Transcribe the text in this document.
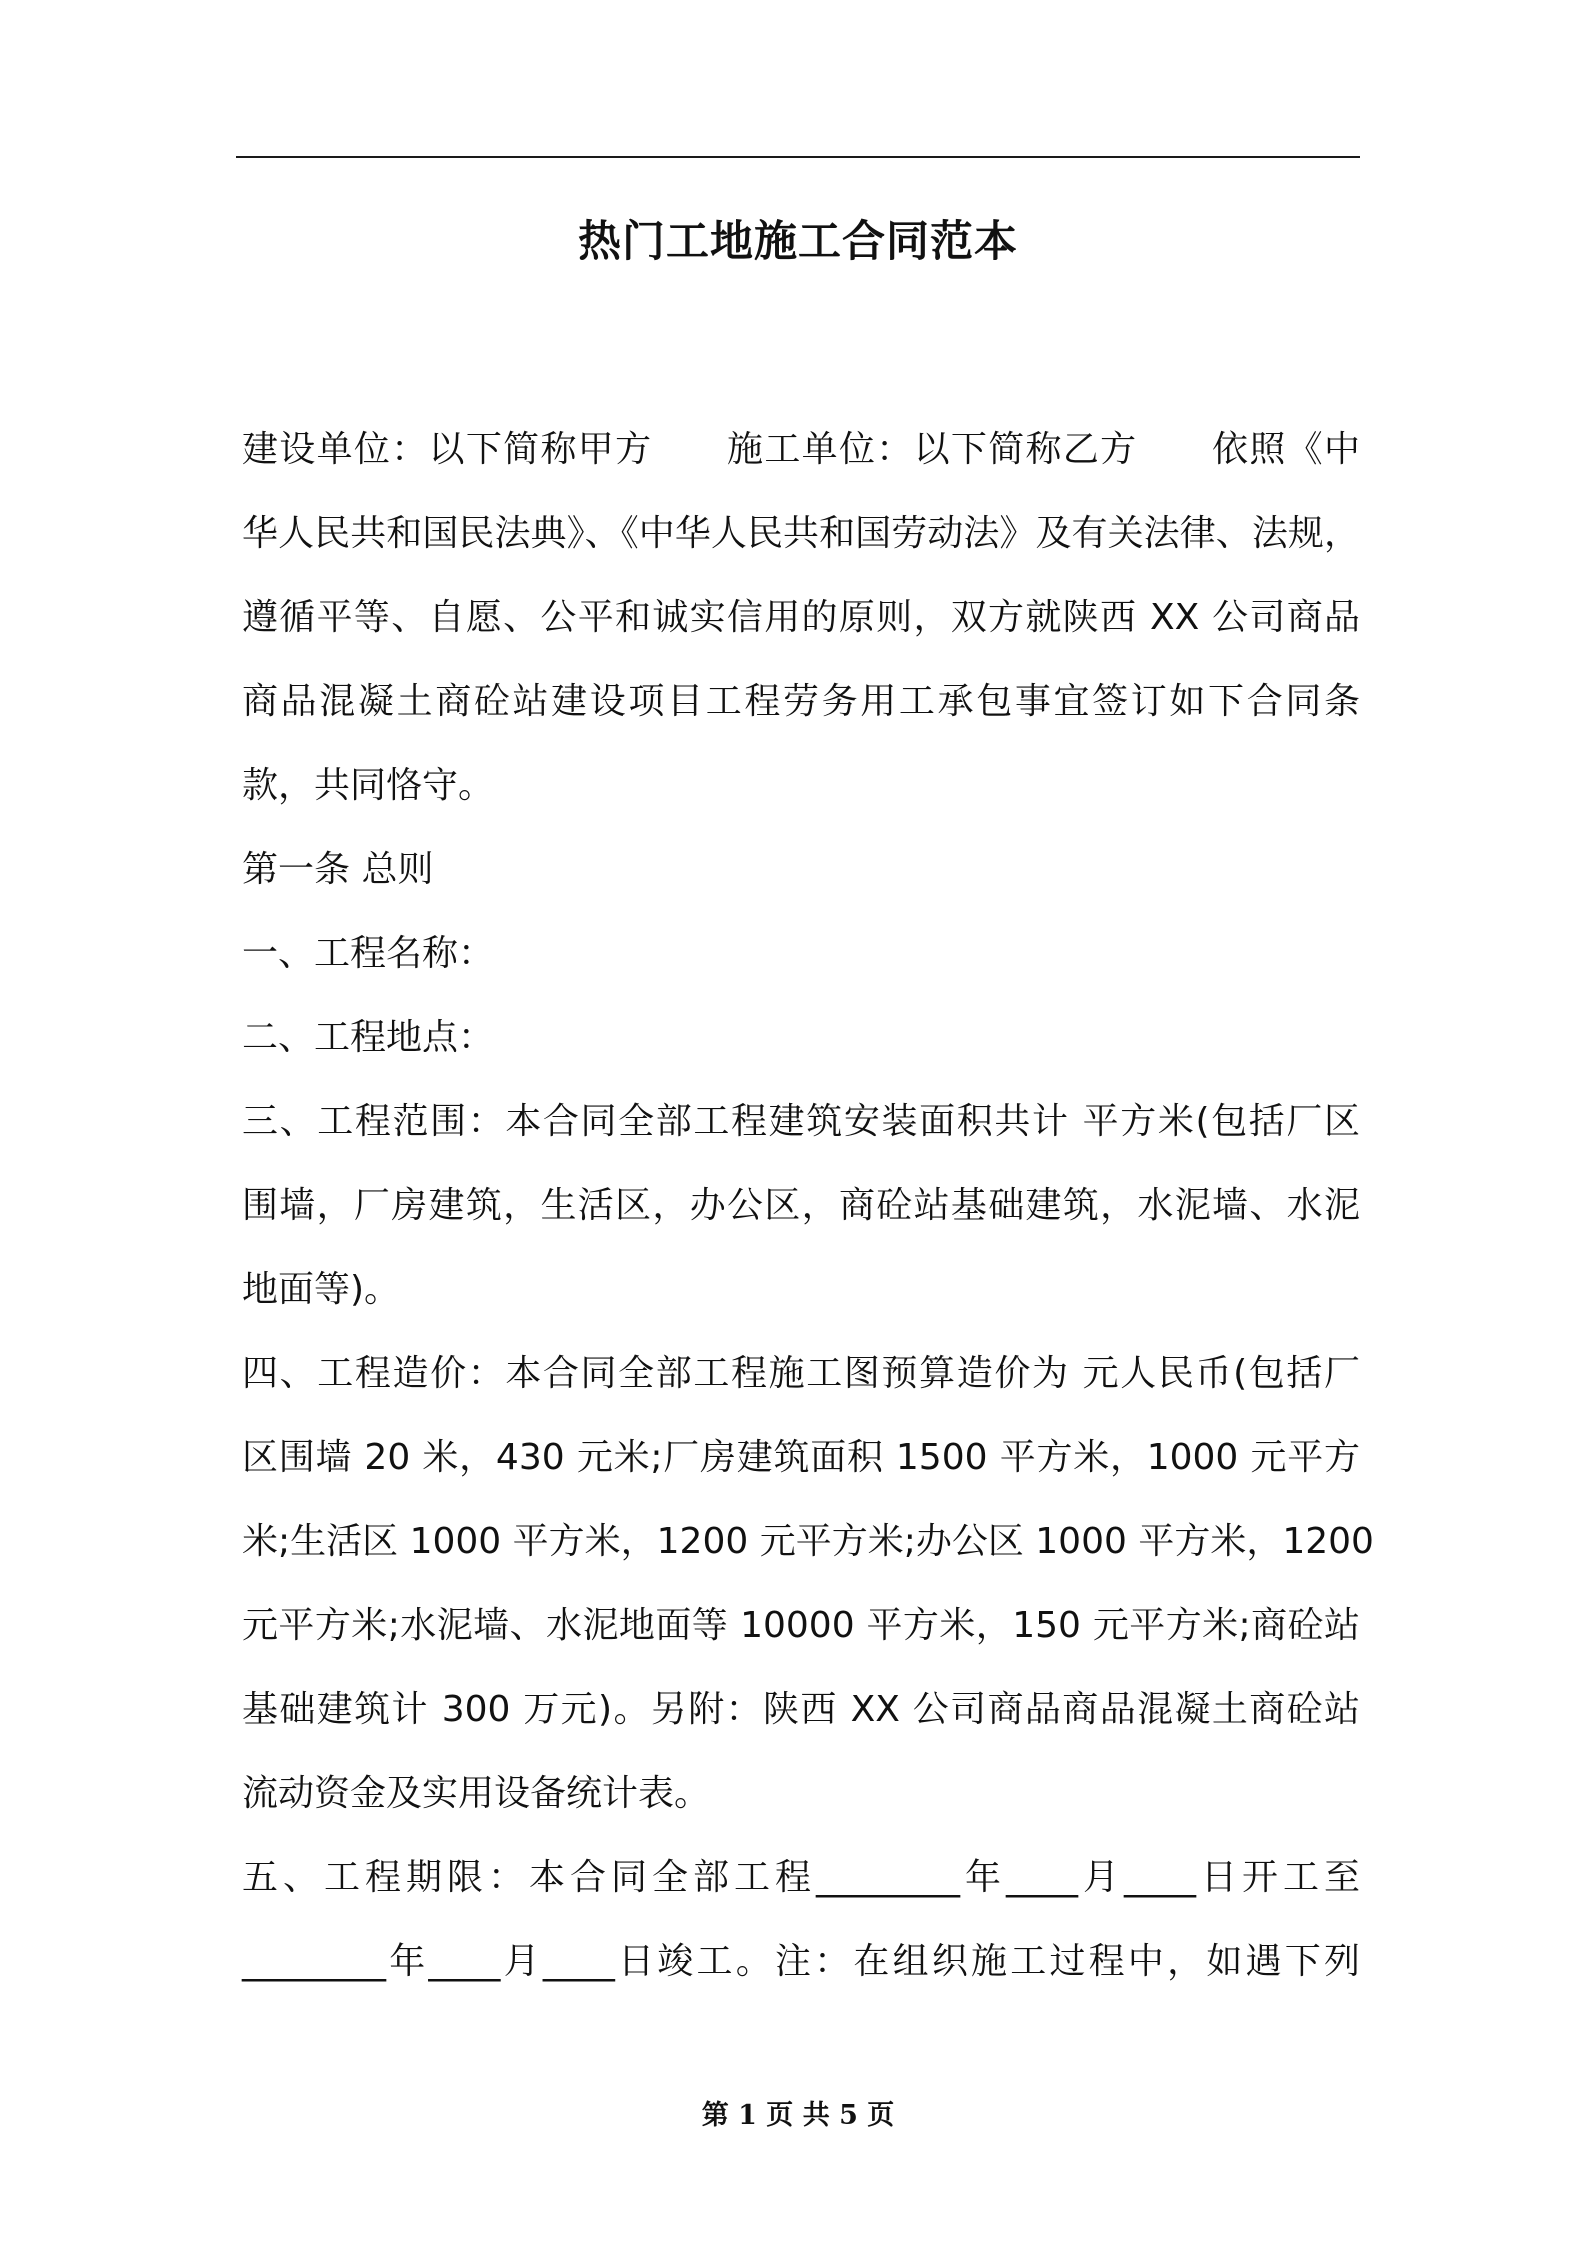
热门工地施工合同范本

建设单位：以下简称甲方　　施工单位：以下简称乙方　　依照《中

华人民共和国民法典》、《中华人民共和国劳动法》及有关法律、法规，

遵循平等、自愿、公平和诚实信用的原则，双方就陕西 XX 公司商品

商品混凝土商砼站建设项目工程劳务用工承包事宜签订如下合同条

款，共同恪守。

第一条 总则

一、工程名称：

二、工程地点：

三、工程范围：本合同全部工程建筑安装面积共计 平方米(包括厂区

围墙，厂房建筑，生活区，办公区，商砼站基础建筑，水泥墙、水泥

地面等)。

四、工程造价：本合同全部工程施工图预算造价为 元人民币(包括厂

区围墙 20 米，430 元米;厂房建筑面积 1500 平方米，1000 元平方

米;生活区 1000 平方米，1200 元平方米;办公区 1000 平方米，1200

元平方米;水泥墙、水泥地面等 10000 平方米，150 元平方米;商砼站

基础建筑计 300 万元)。另附：陕西 XX 公司商品商品混凝土商砼站

流动资金及实用设备统计表。

五、工程期限：本合同全部工程________年____月____日开工至

________年____月____日竣工。注：在组织施工过程中，如遇下列

第 1 页 共 5 页
